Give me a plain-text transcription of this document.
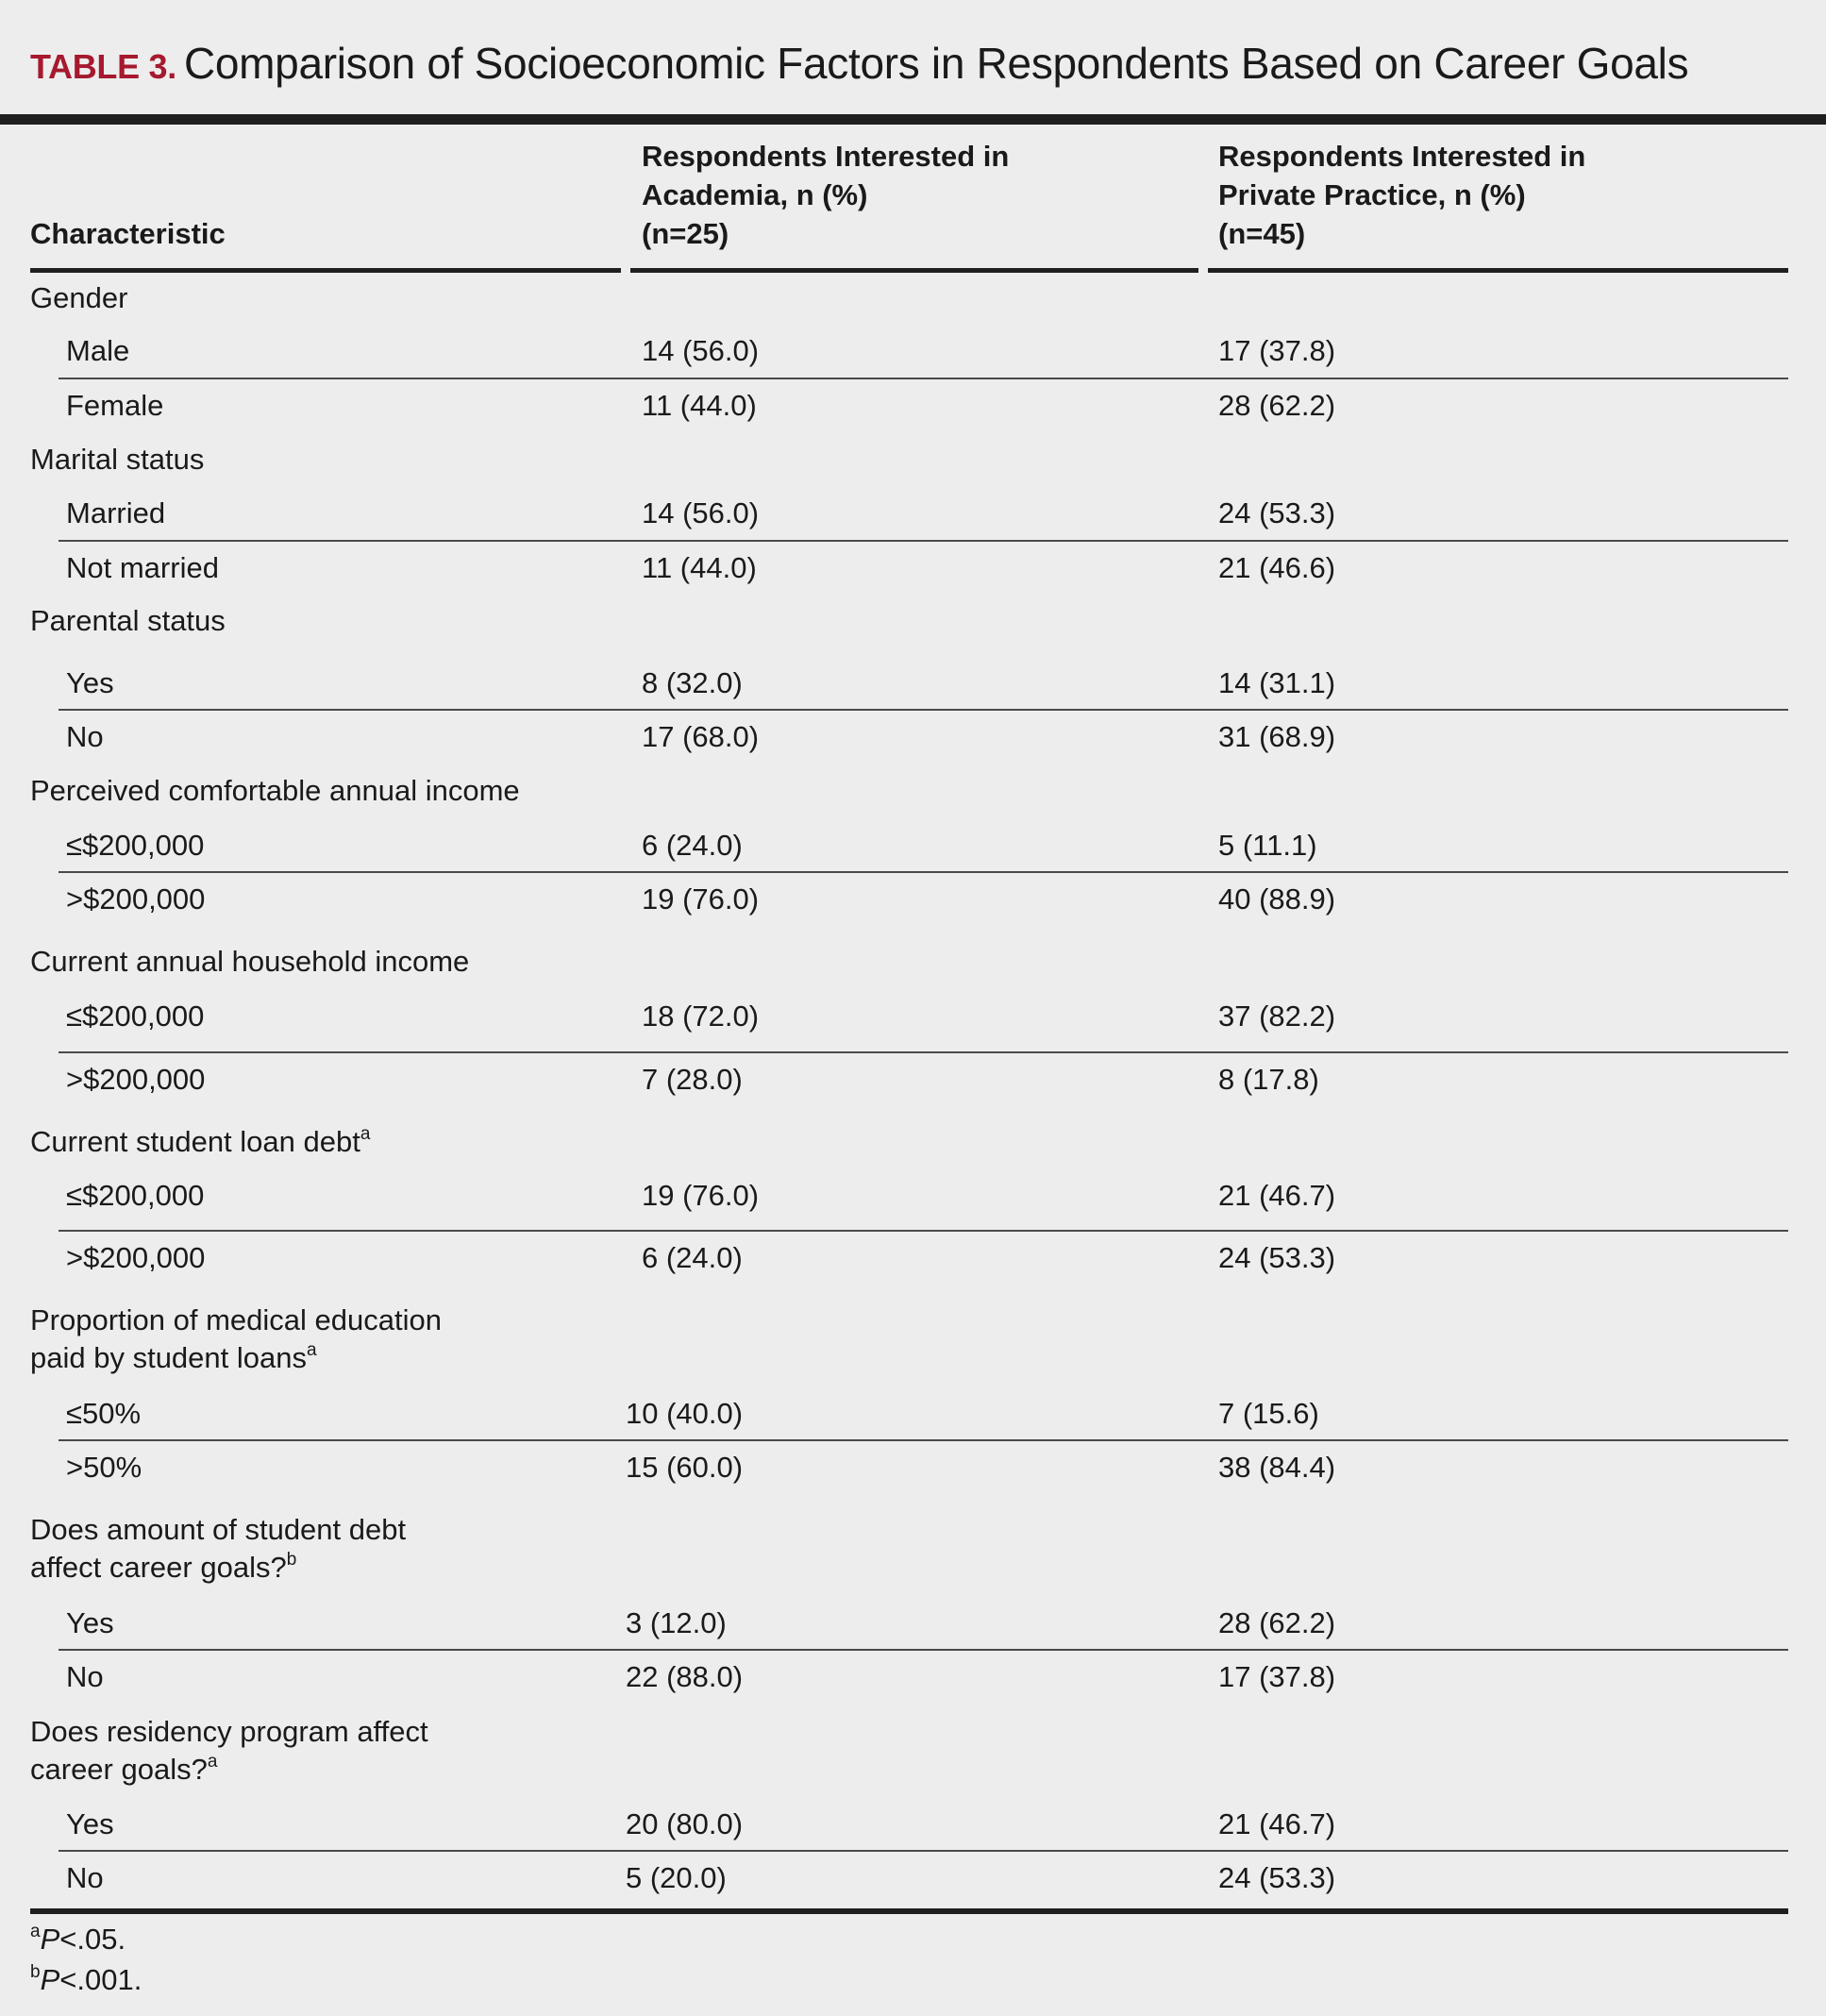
TABLE 3. Comparison of Socioeconomic Factors in Respondents Based on Career Goals
Characteristic
Respondents Interested in
Academia, n (%)
(n=25)
Respondents Interested in
Private Practice, n (%)
(n=45)
Gender
Male	14 (56.0)	17 (37.8)
Female	11 (44.0)	28 (62.2)
Marital status
Married	14 (56.0)	24 (53.3)
Not married	11 (44.0)	21 (46.6)
Parental status
Yes	8 (32.0)	14 (31.1)
No	17 (68.0)	31 (68.9)
Perceived comfortable annual income
≤$200,000	6 (24.0)	5 (11.1)
>$200,000	19 (76.0)	40 (88.9)
Current annual household income
≤$200,000	18 (72.0)	37 (82.2)
>$200,000	7 (28.0)	8 (17.8)
Current student loan debt$^a$
≤$200,000	19 (76.0)	21 (46.7)
>$200,000	6 (24.0)	24 (53.3)
Proportion of medical education
paid by student loans$^a$
≤50%	10 (40.0)	7 (15.6)
>50%	15 (60.0)	38 (84.4)
Does amount of student debt
affect career goals?$^b$
Yes	3 (12.0)	28 (62.2)
No	22 (88.0)	17 (37.8)
Does residency program affect
career goals?$^a$
Yes	20 (80.0)	21 (46.7)
No	5 (20.0)	24 (53.3)
$^a$P<.05.
$^b$P<.001.
